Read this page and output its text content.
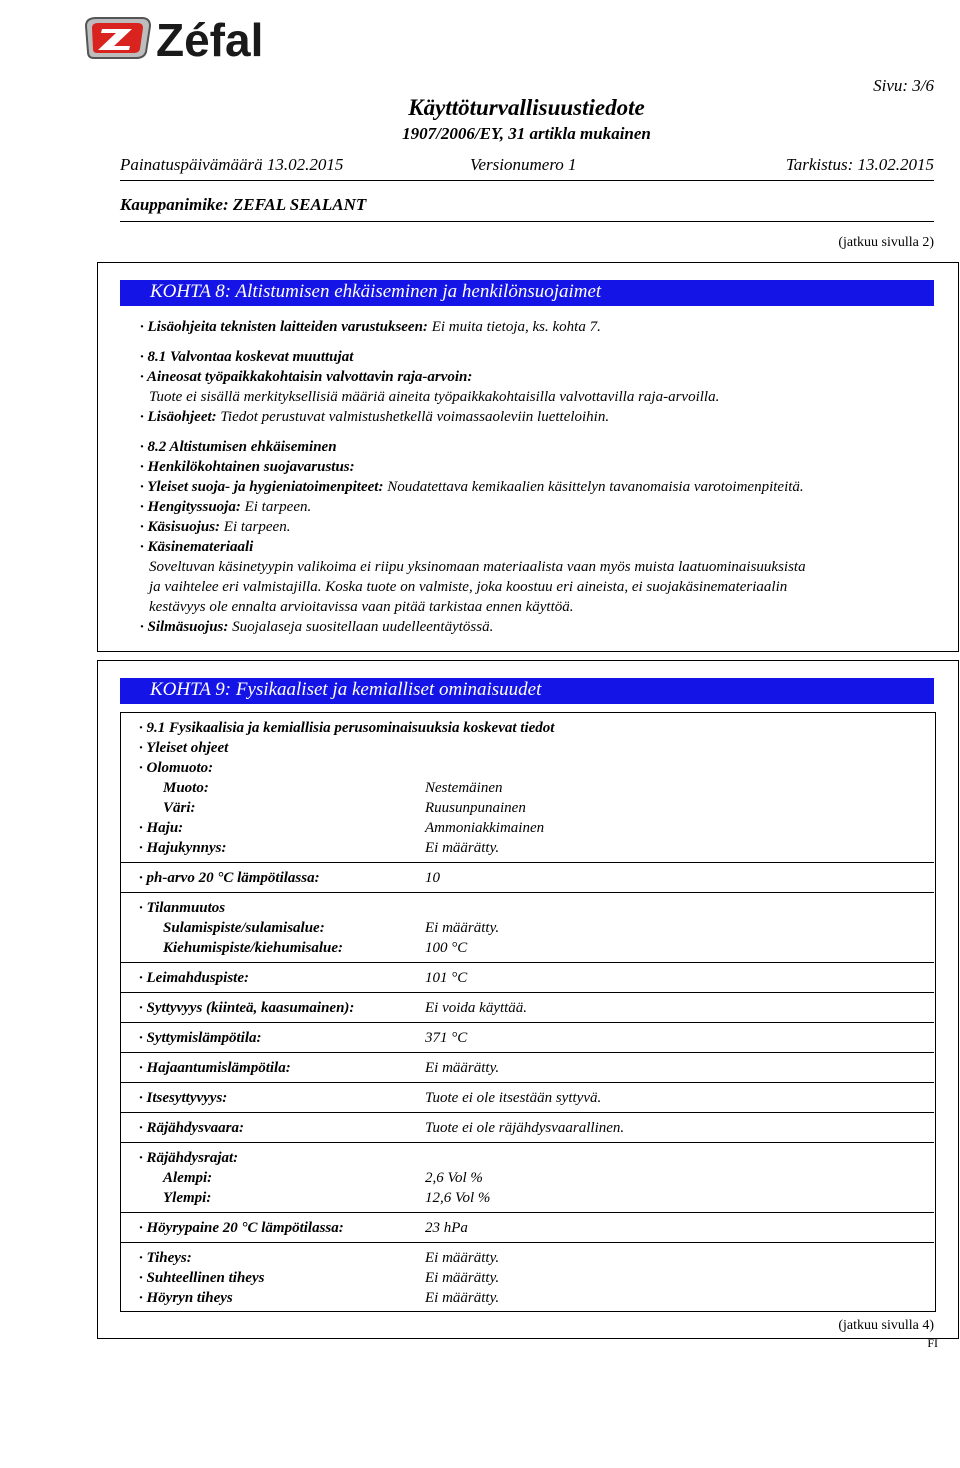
Zéfal
Sivu: 3/6
Käyttöturvallisuustiedote
1907/2006/EY, 31 artikla mukainen
Painatuspäivämäärä 13.02.2015	Versionumero 1	Tarkistus: 13.02.2015
Kauppanimike: ZEFAL SEALANT
(jatkuu sivulla 2)
KOHTA 8: Altistumisen ehkäiseminen ja henkilönsuojaimet
· Lisäohjeita teknisten laitteiden varustukseen: Ei muita tietoja, ks. kohta 7.
· 8.1 Valvontaa koskevat muuttujat
· Aineosat työpaikkakohtaisin valvottavin raja-arvoin:
Tuote ei sisällä merkityksellisiä määriä aineita työpaikkakohtaisilla valvottavilla raja-arvoilla.
· Lisäohjeet: Tiedot perustuvat valmistushetkellä voimassaoleviin luetteloihin.
· 8.2 Altistumisen ehkäiseminen
· Henkilökohtainen suojavarustus:
· Yleiset suoja- ja hygieniatoimenpiteet: Noudatettava kemikaalien käsittelyn tavanomaisia varotoimenpiteitä.
· Hengityssuoja: Ei tarpeen.
· Käsisuojus: Ei tarpeen.
· Käsinemateriaali
Soveltuvan käsinetyypin valikoima ei riipu yksinomaan materiaalista vaan myös muista laatuominaisuuksista
ja vaihtelee eri valmistajilla. Koska tuote on valmiste, joka koostuu eri aineista, ei suojakäsinemateriaalin
kestävyys ole ennalta arvioitavissa vaan pitää tarkistaa ennen käyttöä.
· Silmäsuojus: Suojalaseja suositellaan uudelleentäytössä.
KOHTA 9: Fysikaaliset ja kemialliset ominaisuudet
· 9.1 Fysikaalisia ja kemiallisia perusominaisuuksia koskevat tiedot
· Yleiset ohjeet
· Olomuoto:
Muoto:	Nestemäinen
Väri:	Ruusunpunainen
· Haju:	Ammoniakkimainen
· Hajukynnys:	Ei määrätty.
· ph-arvo 20 °C lämpötilassa:	10
· Tilanmuutos
Sulamispiste/sulamisalue:	Ei määrätty.
Kiehumispiste/kiehumisalue:	100 °C
· Leimahduspiste:	101 °C
· Syttyvyys (kiinteä, kaasumainen):	Ei voida käyttää.
· Syttymislämpötila:	371 °C
· Hajaantumislämpötila:	Ei määrätty.
· Itsesyttyvyys:	Tuote ei ole itsestään syttyvä.
· Räjähdysvaara:	Tuote ei ole räjähdysvaarallinen.
· Räjähdysrajat:
Alempi:	2,6 Vol %
Ylempi:	12,6 Vol %
· Höyrypaine 20 °C lämpötilassa:	23 hPa
· Tiheys:	Ei määrätty.
· Suhteellinen tiheys	Ei määrätty.
· Höyryn tiheys	Ei määrätty.
(jatkuu sivulla 4)
FI
